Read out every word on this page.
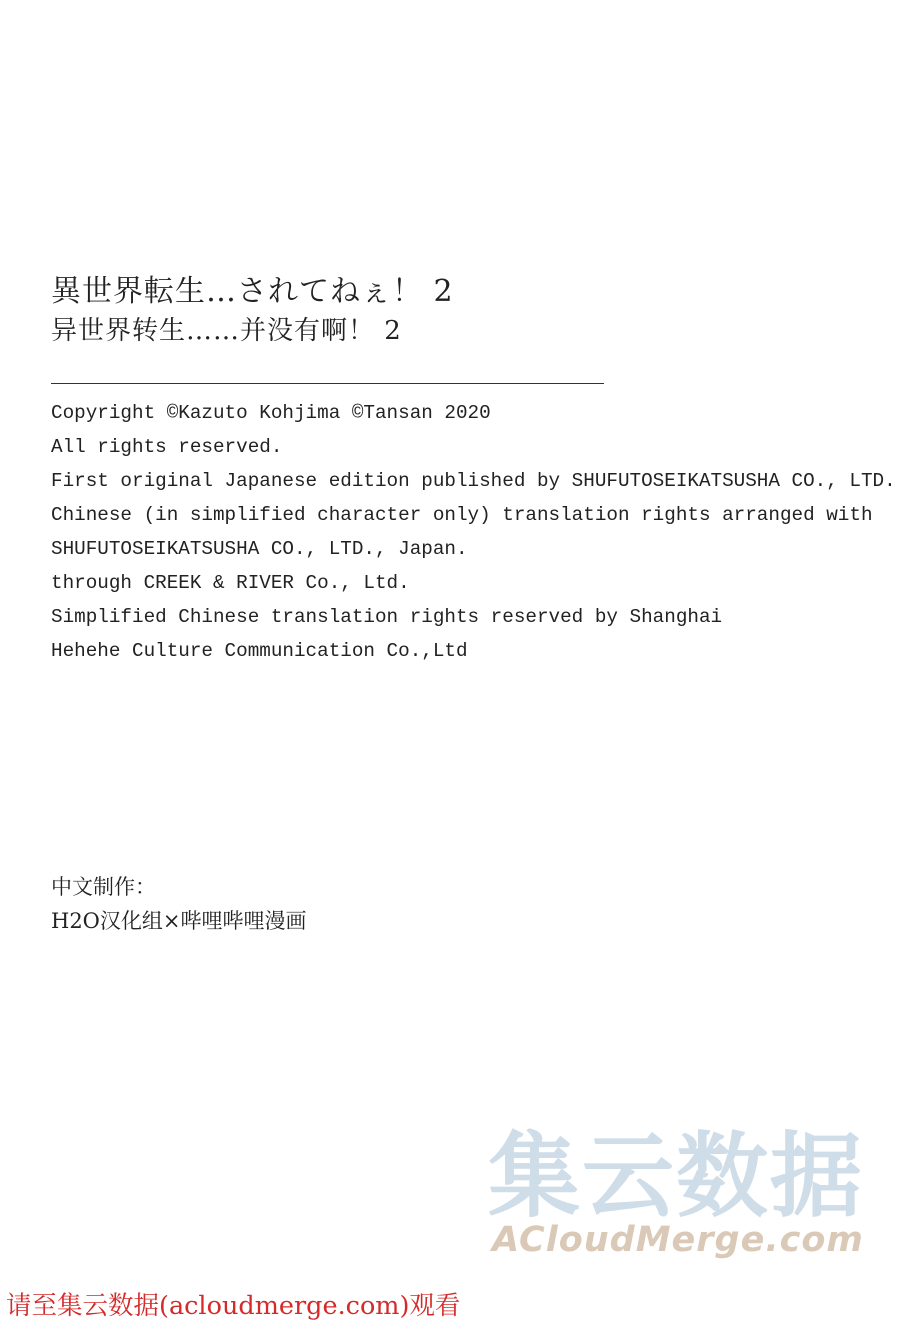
異世界転生…されてねぇ！ 2
异世界转生……并没有啊！ 2
Copyright ©Kazuto Kohjima ©Tansan 2020
All rights reserved.
First original Japanese edition published by SHUFUTOSEIKATSUSHA CO., LTD.
Chinese (in simplified character only) translation rights arranged with
SHUFUTOSEIKATSUSHA CO., LTD., Japan.
through CREEK & RIVER Co., Ltd.
Simplified Chinese translation rights reserved by Shanghai
Hehehe Culture Communication Co.,Ltd
中文制作：
H2O汉化组×哔哩哔哩漫画
集云数据
ACloudMerge.com
请至集云数据(acloudmerge.com)观看
